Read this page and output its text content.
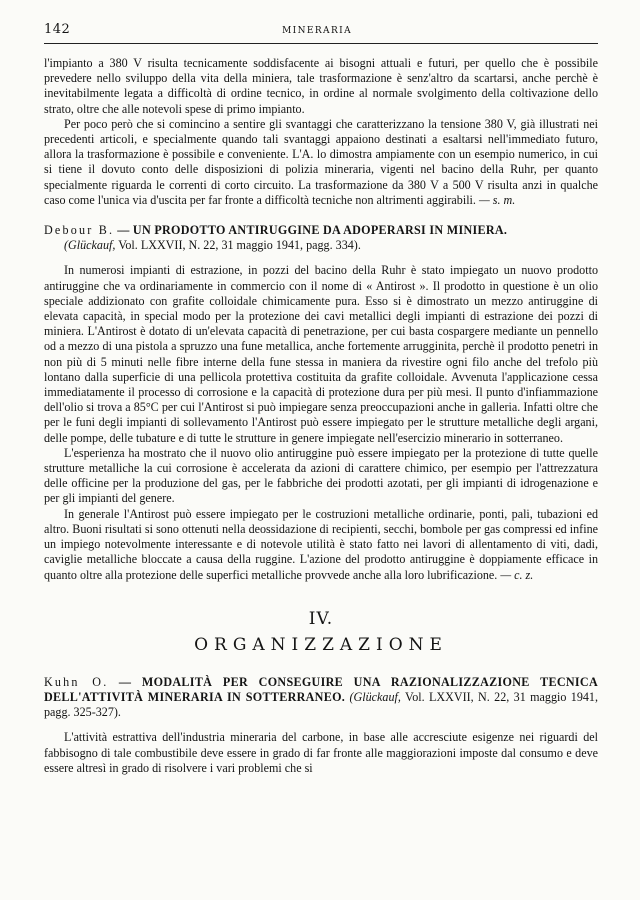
142	MINERARIA

l'impianto a 380 V risulta tecnicamente soddisfacente ai bisogni attuali e futuri, per quello che è possibile prevedere nello sviluppo della vita della miniera, tale trasformazione è senz'altro da scartarsi, anche perchè è inevitabilmente legata a difficoltà di ordine tecnico, in ordine al normale svolgimento della coltivazione dello strato, oltre che alle notevoli spese di primo impianto.

Per poco però che si comincino a sentire gli svantaggi che caratterizzano la tensione 380 V, già illustrati nei precedenti articoli, e specialmente quando tali svantaggi appaiono destinati a esaltarsi nell'immediato futuro, allora la trasformazione è possibile e conveniente. L'A. lo dimostra ampiamente con un esempio numerico, in cui si tiene il dovuto conto delle disposizioni di polizia mineraria, vigenti nel bacino della Ruhr, per quanto specialmente riguarda le correnti di corto circuito. La trasformazione da 380 V a 500 V risulta anzi in qualche caso come l'unica via d'uscita per far fronte a difficoltà tecniche non altrimenti aggirabili. — s. m.

Debour B. — UN PRODOTTO ANTIRUGGINE DA ADOPERARSI IN MINIERA.
(Glückauf, Vol. LXXVII, N. 22, 31 maggio 1941, pagg. 334).

In numerosi impianti di estrazione, in pozzi del bacino della Ruhr è stato impiegato un nuovo prodotto antiruggine che va ordinariamente in commercio con il nome di « Antirost ». Il prodotto in questione è un olio speciale addizionato con grafite colloidale chimicamente pura. Esso si è dimostrato un mezzo antiruggine di elevata capacità, in special modo per la protezione dei cavi metallici degli impianti di estrazione dei pozzi di miniera. L'Antirost è dotato di un'elevata capacità di penetrazione, per cui basta cospargere mediante un pennello od a mezzo di una pistola a spruzzo una fune metallica, anche fortemente arrugginita, perchè il prodotto penetri in non più di 5 minuti nelle fibre interne della fune stessa in maniera da rivestire ogni filo anche del trefolo più lontano dalla superficie di una pellicola protettiva costituita da grafite colloidale. Avvenuta l'applicazione cessa immediatamente il processo di corrosione e la capacità di protezione dura per più mesi. Il punto d'infiammazione dell'olio si trova a 85°C per cui l'Antirost si può impiegare senza preoccupazioni anche in galleria. Infatti oltre che per le funi degli impianti di sollevamento l'Antirost può essere impiegato per le strutture metalliche degli argani, delle pompe, delle tubature e di tutte le strutture in genere impiegate nell'esercizio minerario in sotterraneo.

L'esperienza ha mostrato che il nuovo olio antiruggine può essere impiegato per la protezione di tutte quelle strutture metalliche la cui corrosione è accelerata da azioni di carattere chimico, per esempio per l'attrezzatura delle officine per la produzione del gas, per le fabbriche dei prodotti azotati, per gli impianti di idrogenazione e per gli impianti del genere.

In generale l'Antirost può essere impiegato per le costruzioni metalliche ordinarie, ponti, pali, tubazioni ed altro. Buoni risultati si sono ottenuti nella deossidazione di recipienti, secchi, bombole per gas compressi ed infine un impiego notevolmente interessante e di notevole utilità è stato fatto nei lavori di allentamento di viti, dadi, caviglie metalliche bloccate a causa della ruggine. L'azione del prodotto antiruggine è doppiamente efficace in quanto oltre alla protezione delle superfici metalliche provvede anche alla loro lubrificazione. — c. z.

IV.
ORGANIZZAZIONE
Kuhn O. — MODALITÀ PER CONSEGUIRE UNA RAZIONALIZZAZIONE TECNICA DELL'ATTIVITÀ MINERARIA IN SOTTERRANEO. (Glückauf, Vol. LXXVII, N. 22, 31 maggio 1941, pagg. 325-327).

L'attività estrattiva dell'industria mineraria del carbone, in base alle accresciute esigenze nei riguardi del fabbisogno di tale combustibile deve essere in grado di far fronte alle maggiorazioni imposte dal consumo e deve essere altresì in grado di risolvere i vari problemi che si
